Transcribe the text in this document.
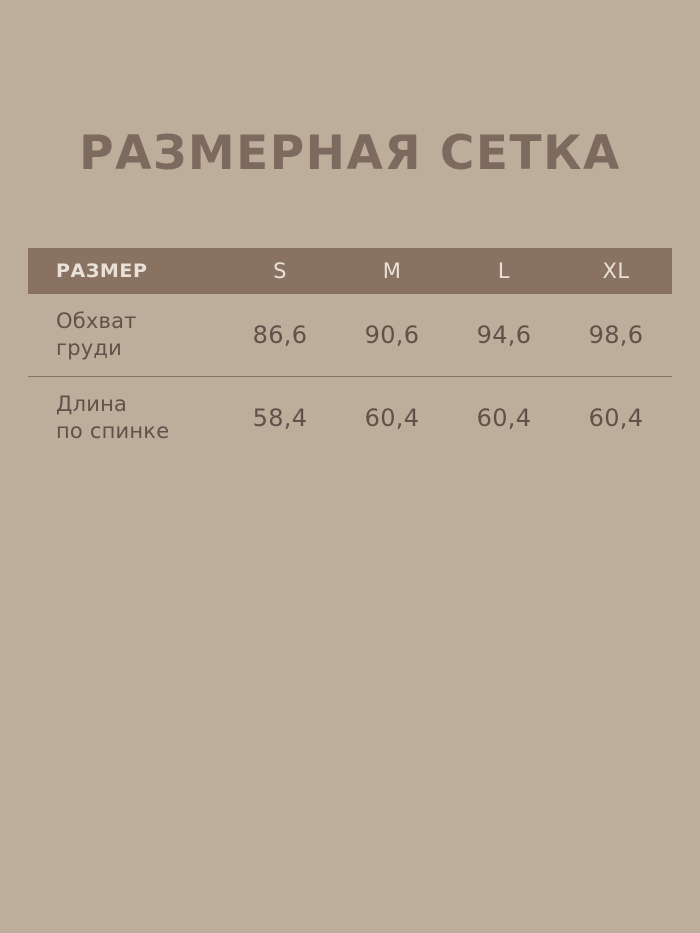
РАЗМЕРНАЯ СЕТКА
РАЗМЕР	S	M	L	XL
Обхват
груди	86,6	90,6	94,6	98,6
Длина
по спинке	58,4	60,4	60,4	60,4
